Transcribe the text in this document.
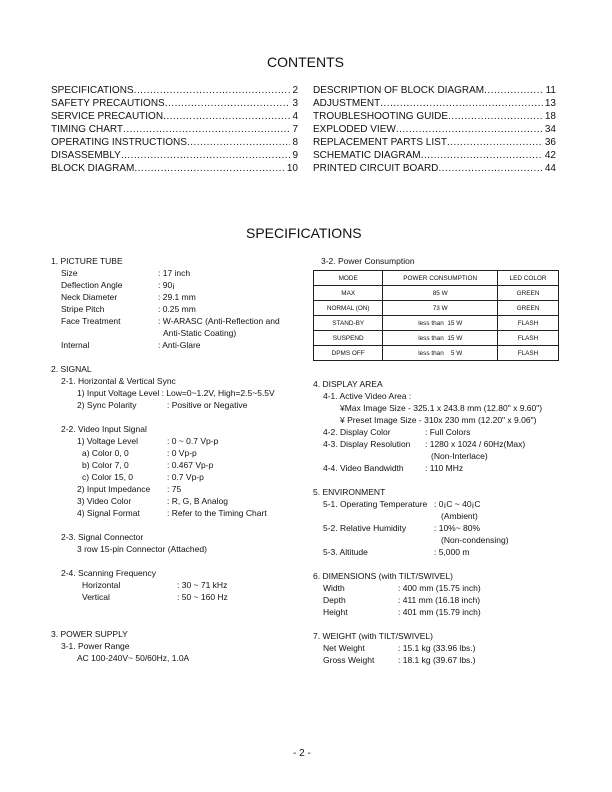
CONTENTS
SPECIFICATIONS .....	2
SAFETY PRECAUTIONS .....	3
SERVICE PRECAUTION .....	4
TIMING CHART .....	7
OPERATING INSTRUCTIONS .....	8
DISASSEMBLY .....	9
BLOCK DIAGRAM .....	10
DESCRIPTION OF BLOCK DIAGRAM .....	11
ADJUSTMENT .....	13
TROUBLESHOOTING GUIDE .....	18
EXPLODED VIEW .....	34
REPLACEMENT PARTS LIST .....	36
SCHEMATIC DIAGRAM .....	42
PRINTED CIRCUIT BOARD .....	44
SPECIFICATIONS
1. PICTURE TUBE
Size	: 17 inch
Deflection Angle	: 90¡
Neck Diameter	: 29.1 mm
Stripe Pitch	: 0.25 mm
Face Treatment	: W-ARASC (Anti-Reflection and
Anti-Static Coating)
Internal	: Anti-Glare
2. SIGNAL
2-1. Horizontal & Vertical Sync
1) Input Voltage Level : Low=0~1.2V, High=2.5~5.5V
2) Sync Polarity	: Positive or Negative
2-2. Video Input Signal
1) Voltage Level	: 0 ~ 0.7 Vp-p
a) Color 0, 0	: 0 Vp-p
b) Color 7, 0	: 0.467 Vp-p
c) Color 15, 0	: 0.7 Vp-p
2) Input Impedance : 75
3) Video Color	: R, G, B Analog
4) Signal Format	: Refer to the Timing Chart
2-3. Signal Connector
3 row 15-pin Connector (Attached)
2-4. Scanning Frequency
Horizontal	: 30 ~ 71 kHz
Vertical	: 50 ~ 160 Hz
3. POWER SUPPLY
3-1. Power Range
AC 100-240V~ 50/60Hz, 1.0A
3-2. Power Consumption
MODE	POWER CONSUMPTION	LED COLOR
MAX	85 W	GREEN
NORMAL (ON)	73 W	GREEN
STAND-BY	less than  15 W	FLASH
SUSPEND	less than  15 W	FLASH
DPMS OFF	less than    5 W	FLASH
4. DISPLAY AREA
4-1. Active Video Area :
¥Max Image Size - 325.1 x 243.8 mm (12.80" x 9.60")
¥ Preset Image Size - 310x 230 mm (12.20" x 9.06")
4-2. Display Color	: Full Colors
4-3. Display Resolution : 1280 x 1024 / 60Hz(Max)
(Non-Interlace)
4-4. Video Bandwidth	: 110 MHz
5. ENVIRONMENT
5-1. Operating Temperature : 0¡C ~ 40¡C
(Ambient)
5-2. Relative Humidity	: 10%~ 80%
(Non-condensing)
5-3. Altitude	: 5,000 m
6. DIMENSIONS (with TILT/SWIVEL)
Width	: 400 mm (15.75 inch)
Depth	: 411 mm (16.18 inch)
Height	: 401 mm (15.79 inch)
7. WEIGHT (with TILT/SWIVEL)
Net Weight	: 15.1 kg (33.96 lbs.)
Gross Weight	: 18.1 kg (39.67 lbs.)
- 2 -
